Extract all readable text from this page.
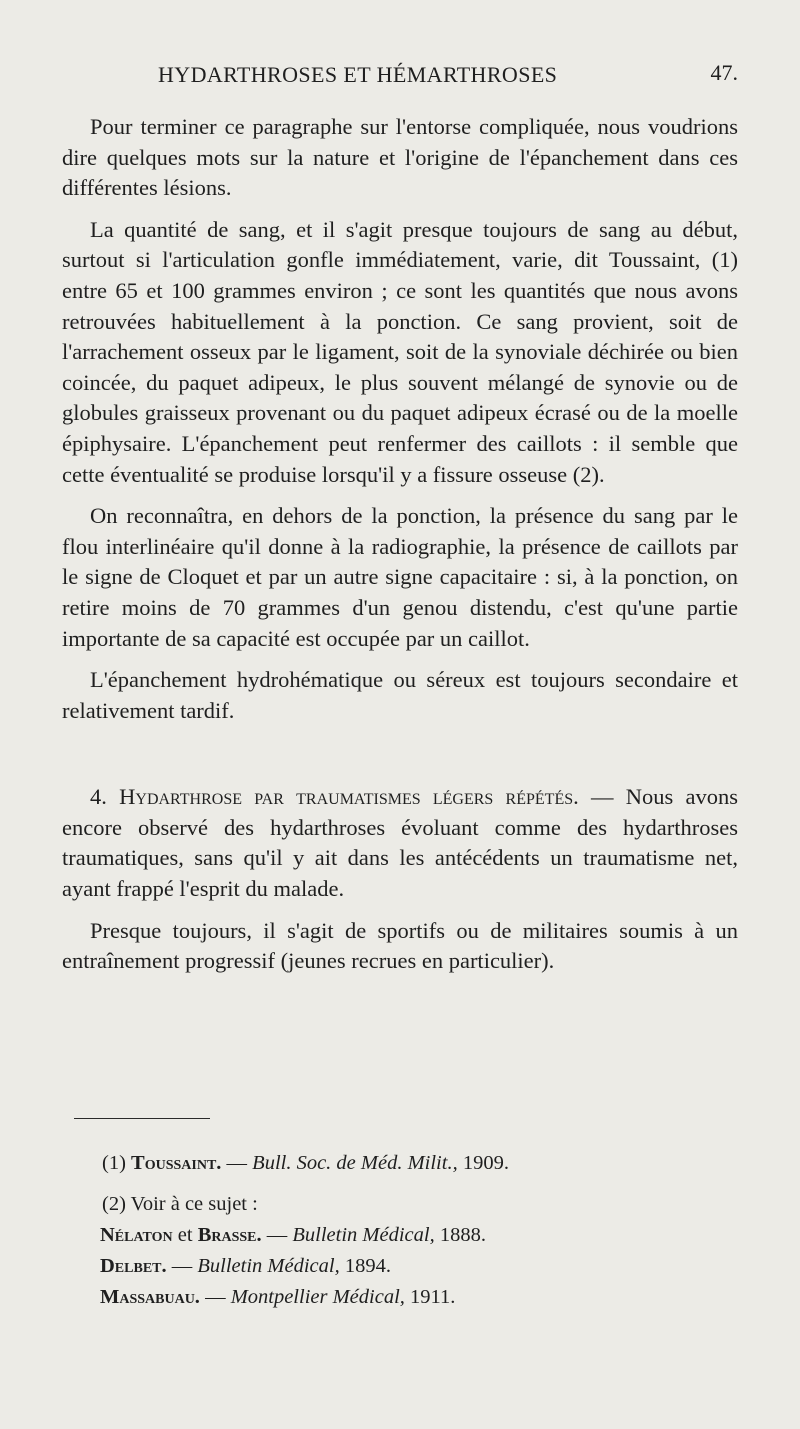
HYDARTHROSES ET HÉMARTHROSES	47.

Pour terminer ce paragraphe sur l'entorse compliquée, nous voudrions dire quelques mots sur la nature et l'origine de l'épanchement dans ces différentes lésions.

La quantité de sang, et il s'agit presque toujours de sang au début, surtout si l'articulation gonfle immédiatement, varie, dit Toussaint, (1) entre 65 et 100 grammes environ ; ce sont les quantités que nous avons retrouvées habituellement à la ponction. Ce sang provient, soit de l'arrachement osseux par le ligament, soit de la synoviale déchirée ou bien coincée, du paquet adipeux, le plus souvent mélangé de synovie ou de globules graisseux provenant ou du paquet adipeux écrasé ou de la moelle épiphysaire. L'épanchement peut renfermer des caillots : il semble que cette éventualité se produise lorsqu'il y a fissure osseuse (2).

On reconnaîtra, en dehors de la ponction, la présence du sang par le flou interlinéaire qu'il donne à la radiographie, la présence de caillots par le signe de Cloquet et par un autre signe capacitaire : si, à la ponction, on retire moins de 70 grammes d'un genou distendu, c'est qu'une partie importante de sa capacité est occupée par un caillot.

L'épanchement hydrohématique ou séreux est toujours secondaire et relativement tardif.

4. Hydarthrose par traumatismes légers répétés. — Nous avons encore observé des hydarthroses évoluant comme des hydarthroses traumatiques, sans qu'il y ait dans les antécédents un traumatisme net, ayant frappé l'esprit du malade.

Presque toujours, il s'agit de sportifs ou de militaires soumis à un entraînement progressif (jeunes recrues en particulier).

(1) Toussaint. — Bull. Soc. de Méd. Milit., 1909.

(2) Voir à ce sujet :

Nélaton et Brasse. — Bulletin Médical, 1888.

Delbet. — Bulletin Médical, 1894.

Massabuau. — Montpellier Médical, 1911.
